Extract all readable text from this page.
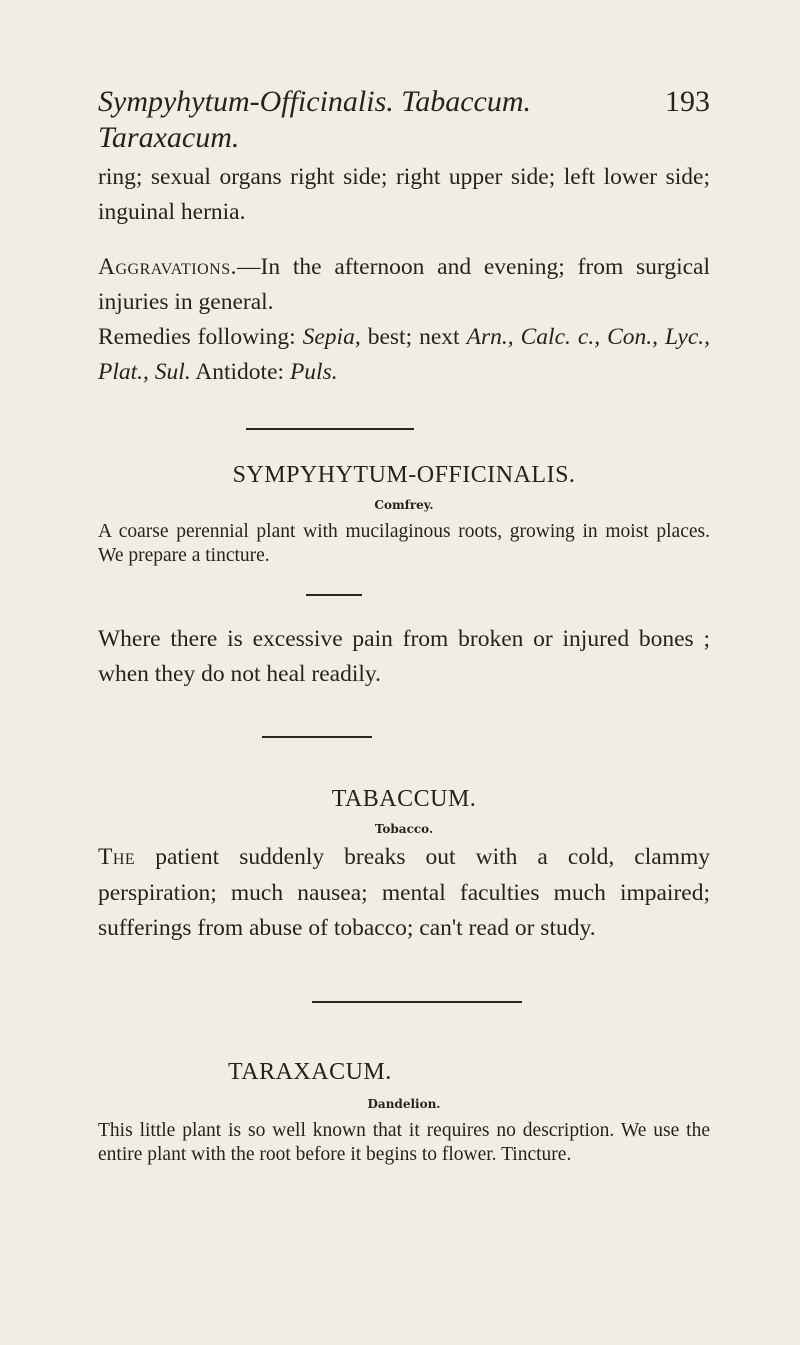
Sympyhytum-Officinalis. Tabaccum. Taraxacum.
193

ring; sexual organs right side; right upper side; left lower side; inguinal hernia.

Aggravations.—In the afternoon and evening; from surgical injuries in general.

Remedies following: Sepia, best; next Arn., Calc. c., Con., Lyc., Plat., Sul. Antidote: Puls.

SYMPYHYTUM-OFFICINALIS.

Comfrey.

A coarse perennial plant with mucilaginous roots, growing in moist places. We prepare a tincture.

Where there is excessive pain from broken or injured bones ; when they do not heal readily.

TABACCUM.

Tobacco.

The patient suddenly breaks out with a cold, clammy perspiration; much nausea; mental faculties much impaired; sufferings from abuse of tobacco; can't read or study.

TARAXACUM.

Dandelion.

This little plant is so well known that it requires no description. We use the entire plant with the root before it begins to flower. Tincture.
